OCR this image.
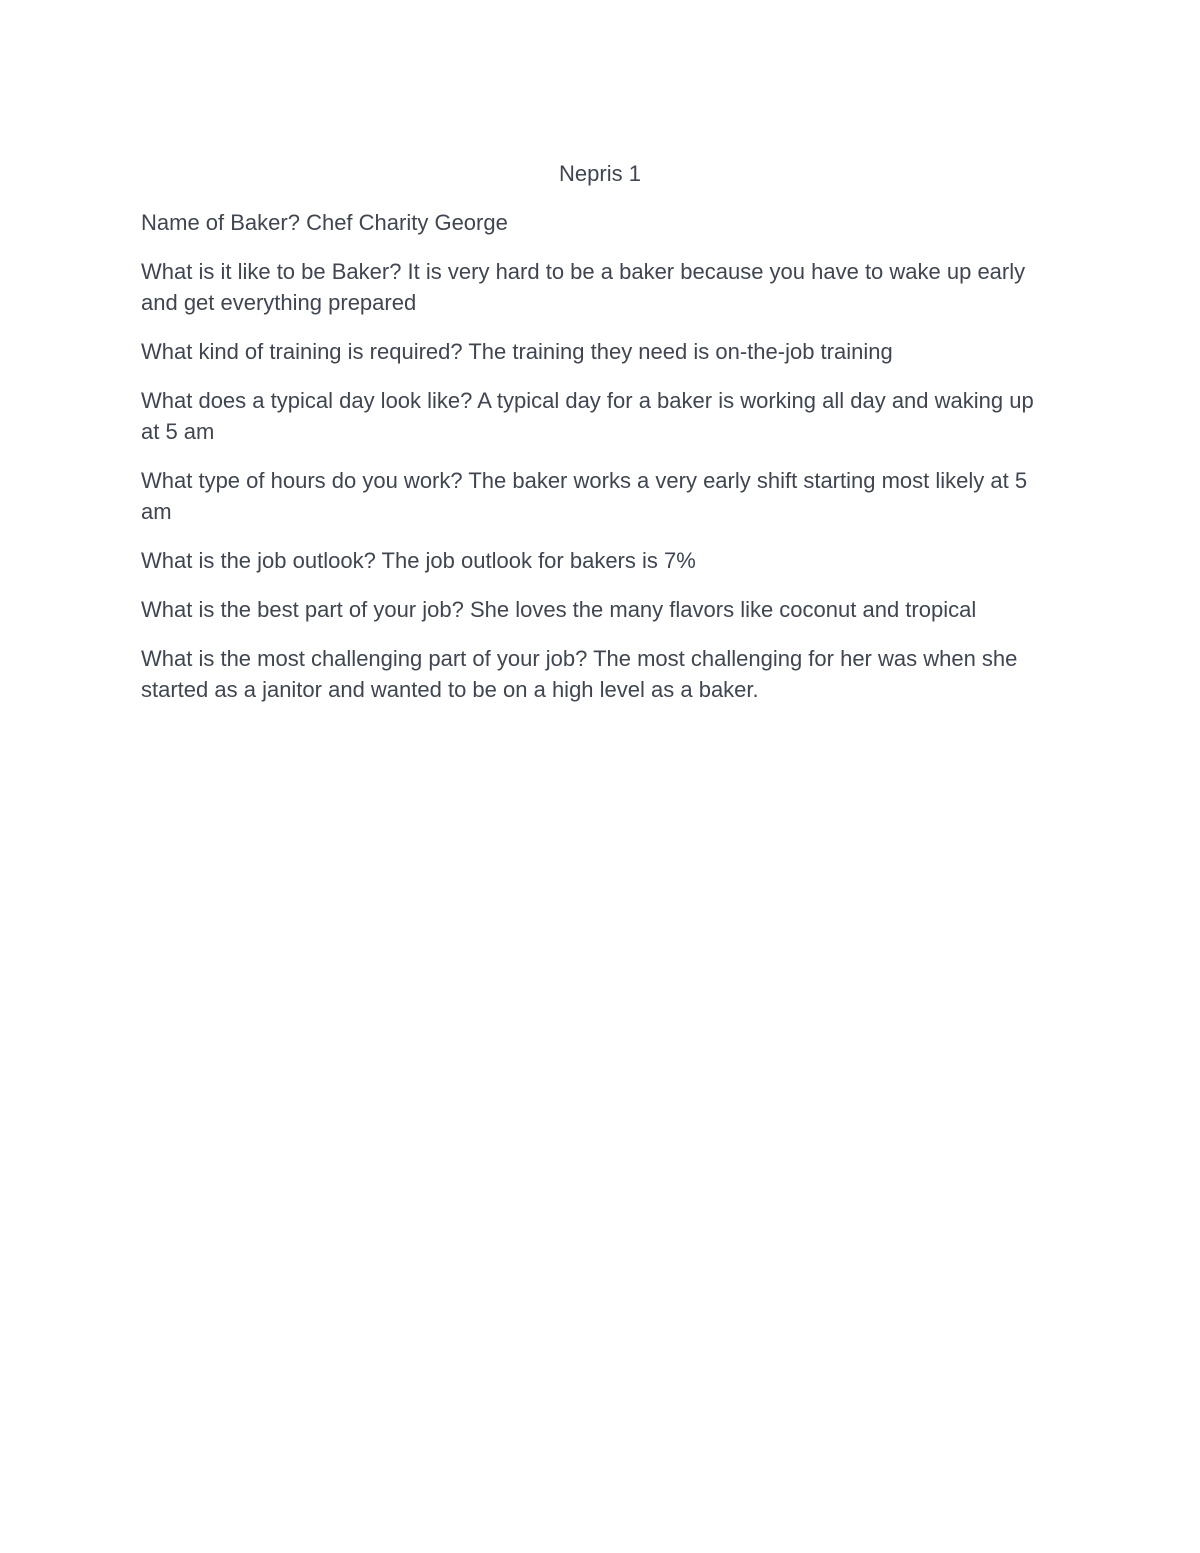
Nepris 1

Name of Baker? Chef Charity George

What is it like to be Baker? It is very hard to be a baker because you have to wake up early and get everything prepared

What kind of training is required? The training they need is on-the-job training

What does a typical day look like? A typical day for a baker is working all day and waking up at 5 am

What type of hours do you work? The baker works a very early shift starting most likely at 5 am

What is the job outlook? The job outlook for bakers is 7%

What is the best part of your job? She loves the many flavors like coconut and tropical

What is the most challenging part of your job? The most challenging for her was when she started as a janitor and wanted to be on a high level as a baker.
